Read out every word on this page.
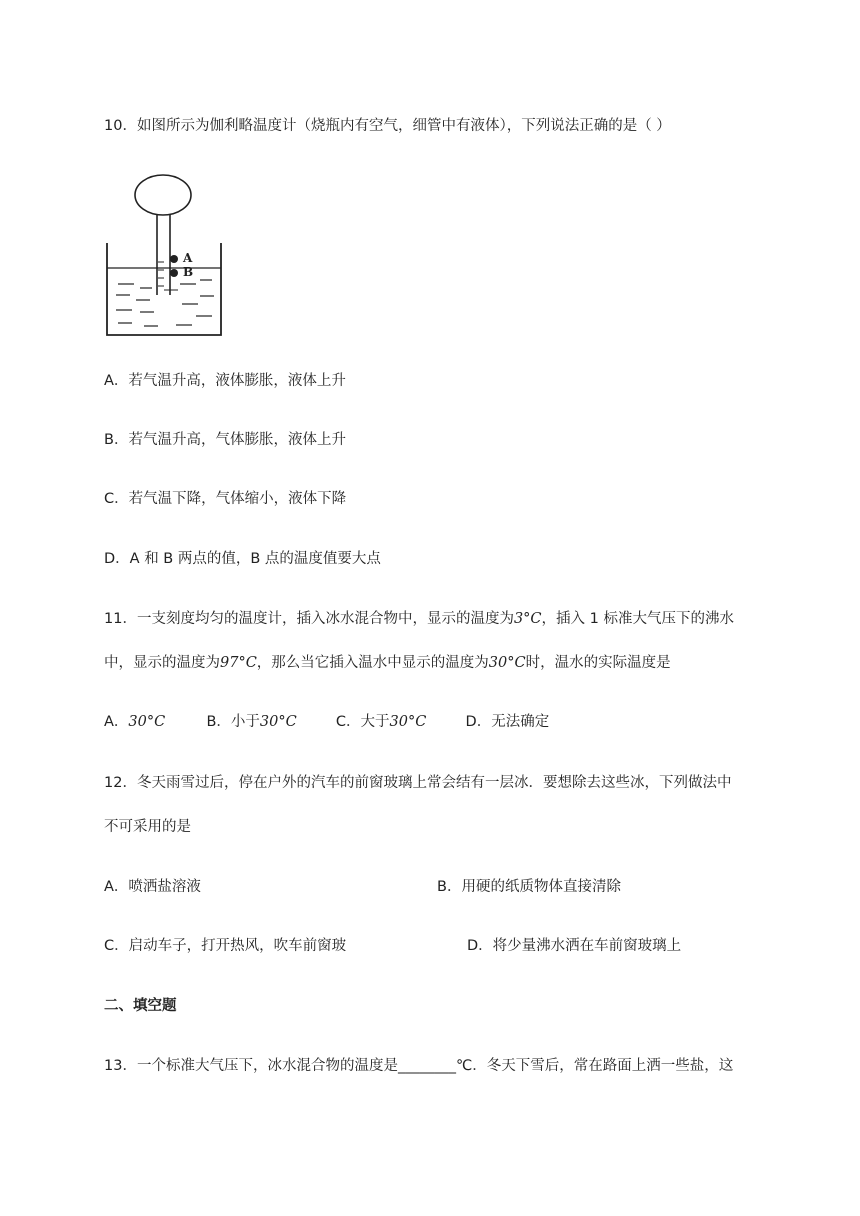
10．如图所示为伽利略温度计（烧瓶内有空气，细管中有液体），下列说法正确的是（ ）
A
B
A．若气温升高，液体膨胀，液体上升
B．若气温升高，气体膨胀，液体上升
C．若气温下降，气体缩小，液体下降
D．A 和 B 两点的值，B 点的温度值要大点
11．一支刻度均匀的温度计，插入冰水混合物中，显示的温度为3°C，插入 1 标准大气压下的沸水
中，显示的温度为97°C，那么当它插入温水中显示的温度为30°C时，温水的实际温度是
A．30°C	B．小于30°C	C．大于30°C	D．无法确定
12．冬天雨雪过后，停在户外的汽车的前窗玻璃上常会结有一层冰．要想除去这些冰，下列做法中
不可采用的是
A．喷洒盐溶液	B．用硬的纸质物体直接清除
C．启动车子，打开热风，吹车前窗玻	D．将少量沸水洒在车前窗玻璃上
二、填空题
13．一个标准大气压下，冰水混合物的温度是________℃．冬天下雪后，常在路面上洒一些盐，这
